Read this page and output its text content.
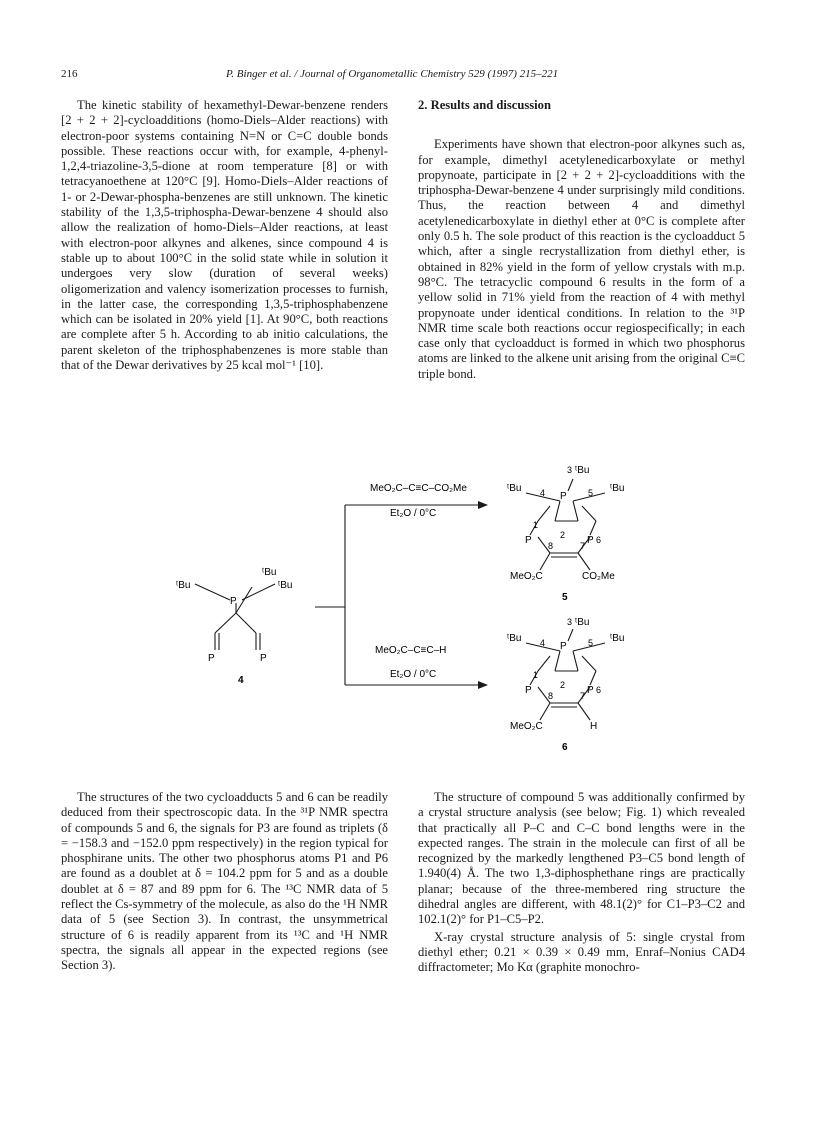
216	P. Binger et al. / Journal of Organometallic Chemistry 529 (1997) 215–221

The kinetic stability of hexamethyl-Dewar-benzene renders [2 + 2 + 2]-cycloadditions (homo-Diels–Alder reactions) with electron-poor systems containing N=N or C=C double bonds possible. These reactions occur with, for example, 4-phenyl-1,2,4-triazoline-3,5-dione at room temperature [8] or with tetracyanoethene at 120°C [9]. Homo-Diels–Alder reactions of 1- or 2-Dewar-phospha-benzenes are still unknown. The kinetic stability of the 1,3,5-triphospha-Dewar-benzene 4 should also allow the realization of homo-Diels–Alder reactions, at least with electron-poor alkynes and alkenes, since compound 4 is stable up to about 100°C in the solid state while in solution it undergoes very slow (duration of several weeks) oligomerization and valency isomerization processes to furnish, in the latter case, the corresponding 1,3,5-triphosphabenzene which can be isolated in 20% yield [1]. At 90°C, both reactions are complete after 5 h. According to ab initio calculations, the parent skeleton of the triphosphabenzenes is more stable than that of the Dewar derivatives by 25 kcal mol⁻¹ [10].

2. Results and discussion

Experiments have shown that electron-poor alkynes such as, for example, dimethyl acetylenedicarboxylate or methyl propynoate, participate in [2 + 2 + 2]-cycloadditions with the triphospha-Dewar-benzene 4 under surprisingly mild conditions. Thus, the reaction between 4 and dimethyl acetylenedicarboxylate in diethyl ether at 0°C is complete after only 0.5 h. The sole product of this reaction is the cycloadduct 5 which, after a single recrystallization from diethyl ether, is obtained in 82% yield in the form of yellow crystals with m.p. 98°C. The tetracyclic compound 6 results in the form of a yellow solid in 71% yield from the reaction of 4 with methyl propynoate under identical conditions. In relation to the ³¹P NMR time scale both reactions occur regiospecifically; in each case only that cycloadduct is formed in which two phosphorus atoms are linked to the alkene unit arising from the original C≡C triple bond.

ᵗBu
P
ᵗBu
ᵗBu
P	P
4
MeO₂C–C≡C–CO₂Me
Et₂O / 0°C
MeO₂C–C≡C–H
Et₂O / 0°C
3 ᵗBu
ᵗBu 4 P 5 ᵗBu
1
P	2 P 6
8	7
MeO₂C	CO₂Me
5
3 ᵗBu
ᵗBu 4 P 5 ᵗBu
1
P	2 P 6
8	7
MeO₂C	H
6

The structures of the two cycloadducts 5 and 6 can be readily deduced from their spectroscopic data. In the ³¹P NMR spectra of compounds 5 and 6, the signals for P3 are found as triplets (δ = −158.3 and −152.0 ppm respectively) in the region typical for phosphirane units. The other two phosphorus atoms P1 and P6 are found as a doublet at δ = 104.2 ppm for 5 and as a double doublet at δ = 87 and 89 ppm for 6. The ¹³C NMR data of 5 reflect the Cs-symmetry of the molecule, as also do the ¹H NMR data of 5 (see Section 3). In contrast, the unsymmetrical structure of 6 is readily apparent from its ¹³C and ¹H NMR spectra, the signals all appear in the expected regions (see Section 3).

The structure of compound 5 was additionally confirmed by a crystal structure analysis (see below; Fig. 1) which revealed that practically all P–C and C–C bond lengths were in the expected ranges. The strain in the molecule can first of all be recognized by the markedly lengthened P3–C5 bond length of 1.940(4) Å. The two 1,3-diphosphethane rings are practically planar; because of the three-membered ring structure the dihedral angles are different, with 48.1(2)° for C1–P3–C2 and 102.1(2)° for P1–C5–P2.

X-ray crystal structure analysis of 5: single crystal from diethyl ether; 0.21 × 0.39 × 0.49 mm, Enraf–Nonius CAD4 diffractometer; Mo Kα (graphite monochro-
